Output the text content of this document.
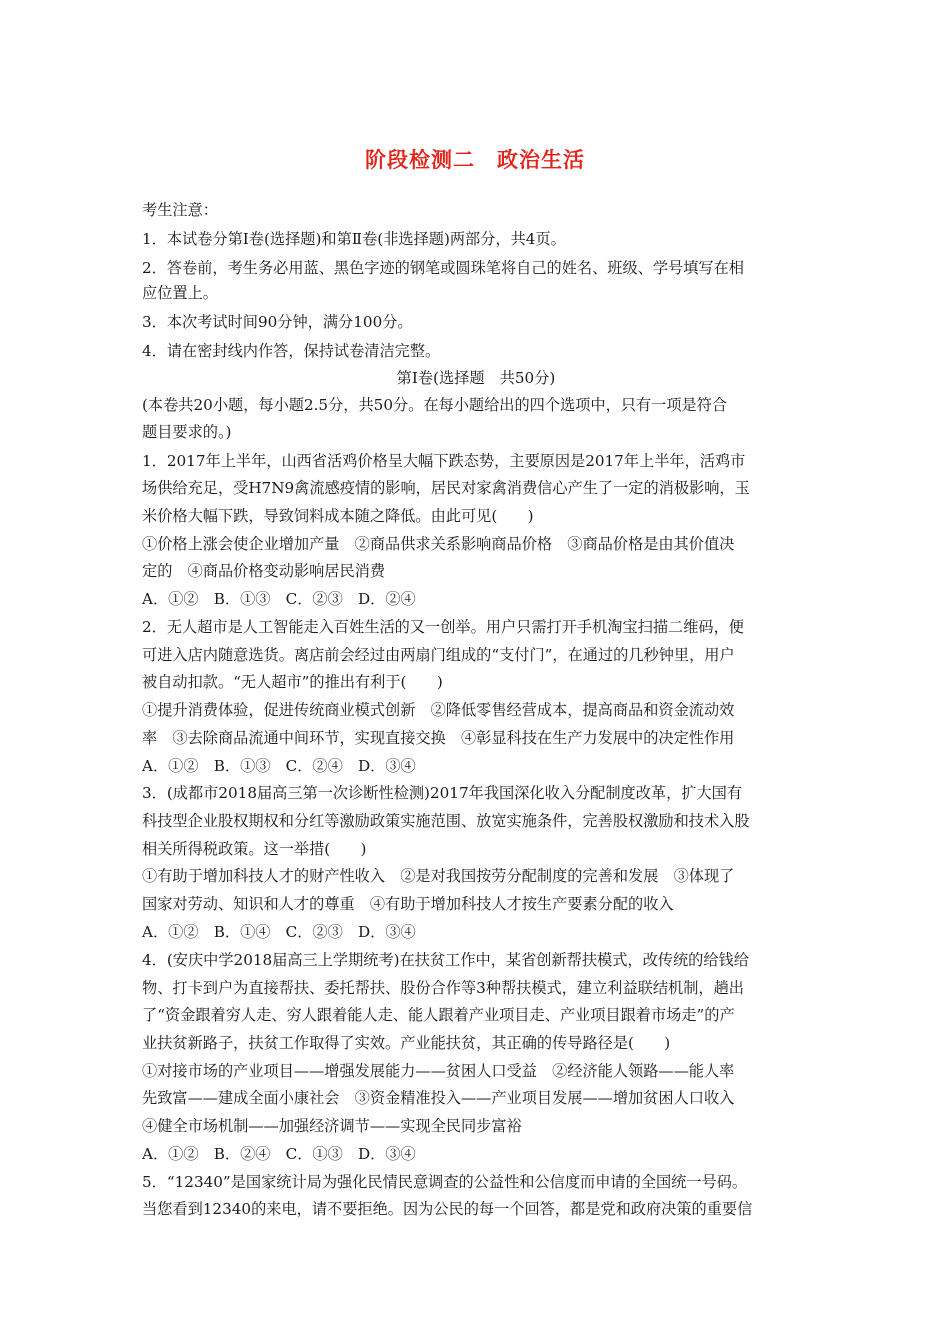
阶段检测二　政治生活
考生注意：
1．本试卷分第Ⅰ卷(选择题)和第Ⅱ卷(非选择题)两部分，共4页。
2．答卷前，考生务必用蓝、黑色字迹的钢笔或圆珠笔将自己的姓名、班级、学号填写在相
应位置上。
3．本次考试时间90分钟，满分100分。
4．请在密封线内作答，保持试卷清洁完整。
第Ⅰ卷(选择题　共50分)
(本卷共20小题，每小题2.5分，共50分。在每小题给出的四个选项中，只有一项是符合
题目要求的。)
1．2017年上半年，山西省活鸡价格呈大幅下跌态势，主要原因是2017年上半年，活鸡市
场供给充足，受H7N9禽流感疫情的影响，居民对家禽消费信心产生了一定的消极影响，玉
米价格大幅下跌，导致饲料成本随之降低。由此可见(　　)
①价格上涨会使企业增加产量　②商品供求关系影响商品价格　③商品价格是由其价值决
定的　④商品价格变动影响居民消费
A．①②　B．①③　C．②③　D．②④
2．无人超市是人工智能走入百姓生活的又一创举。用户只需打开手机淘宝扫描二维码，便
可进入店内随意选货。离店前会经过由两扇门组成的“支付门”，在通过的几秒钟里，用户
被自动扣款。“无人超市”的推出有利于(　　)
①提升消费体验，促进传统商业模式创新　②降低零售经营成本，提高商品和资金流动效
率　③去除商品流通中间环节，实现直接交换　④彰显科技在生产力发展中的决定性作用
A．①②　B．①③　C．②④　D．③④
3．(成都市2018届高三第一次诊断性检测)2017年我国深化收入分配制度改革，扩大国有
科技型企业股权期权和分红等激励政策实施范围、放宽实施条件，完善股权激励和技术入股
相关所得税政策。这一举措(　　)
①有助于增加科技人才的财产性收入　②是对我国按劳分配制度的完善和发展　③体现了
国家对劳动、知识和人才的尊重　④有助于增加科技人才按生产要素分配的收入
A．①②　B．①④　C．②③　D．③④
4．(安庆中学2018届高三上学期统考)在扶贫工作中，某省创新帮扶模式，改传统的给钱给
物、打卡到户为直接帮扶、委托帮扶、股份合作等3种帮扶模式，建立利益联结机制，趟出
了“资金跟着穷人走、穷人跟着能人走、能人跟着产业项目走、产业项目跟着市场走”的产
业扶贫新路子，扶贫工作取得了实效。产业能扶贫，其正确的传导路径是(　　)
①对接市场的产业项目——增强发展能力——贫困人口受益　②经济能人领路——能人率
先致富——建成全面小康社会　③资金精准投入——产业项目发展——增加贫困人口收入
④健全市场机制——加强经济调节——实现全民同步富裕
A．①②　B．②④　C．①③　D．③④
5．“12340”是国家统计局为强化民情民意调查的公益性和公信度而申请的全国统一号码。
当您看到12340的来电，请不要拒绝。因为公民的每一个回答，都是党和政府决策的重要信
